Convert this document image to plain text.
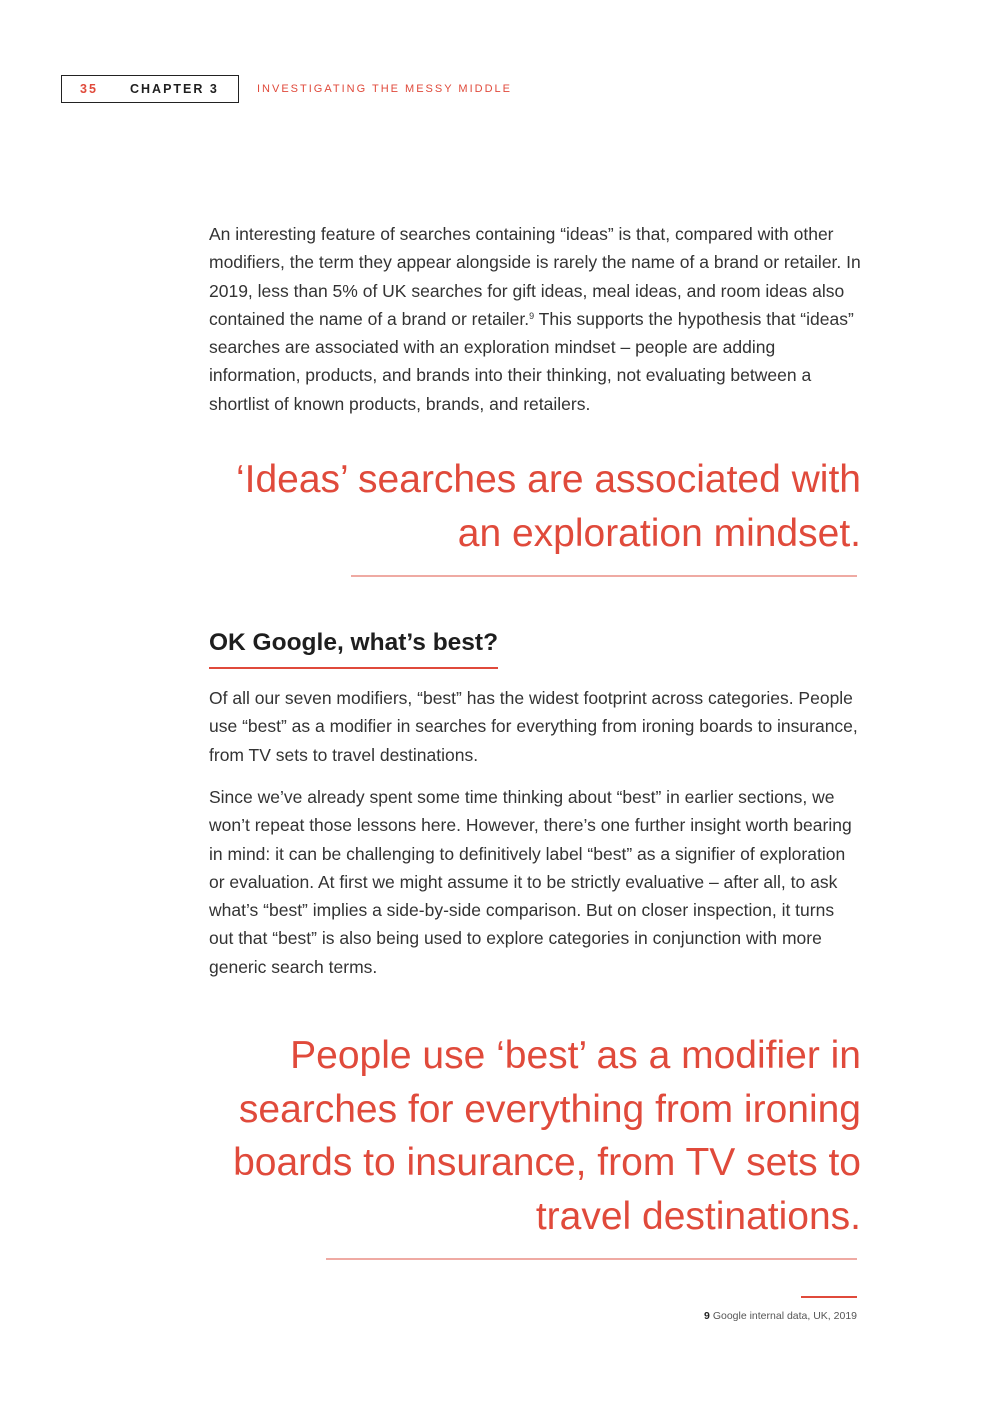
35	CHAPTER 3	INVESTIGATING THE MESSY MIDDLE

An interesting feature of searches containing “ideas” is that, compared with other modifiers, the term they appear alongside is rarely the name of a brand or retailer. In 2019, less than 5% of UK searches for gift ideas, meal ideas, and room ideas also contained the name of a brand or retailer.$^9$ This supports the hypothesis that “ideas” searches are associated with an exploration mindset – people are adding information, products, and brands into their thinking, not evaluating between a shortlist of known products, brands, and retailers.

‘Ideas’ searches are associated with an exploration mindset.

OK Google, what’s best?

Of all our seven modifiers, “best” has the widest footprint across categories. People use “best” as a modifier in searches for everything from ironing boards to insurance, from TV sets to travel destinations.

Since we’ve already spent some time thinking about “best” in earlier sections, we won’t repeat those lessons here. However, there’s one further insight worth bearing in mind: it can be challenging to definitively label “best” as a signifier of exploration or evaluation. At first we might assume it to be strictly evaluative – after all, to ask what’s “best” implies a side-by-side comparison. But on closer inspection, it turns out that “best” is also being used to explore categories in conjunction with more generic search terms.

People use ‘best’ as a modifier in searches for everything from ironing boards to insurance, from TV sets to travel destinations.

9 Google internal data, UK, 2019
